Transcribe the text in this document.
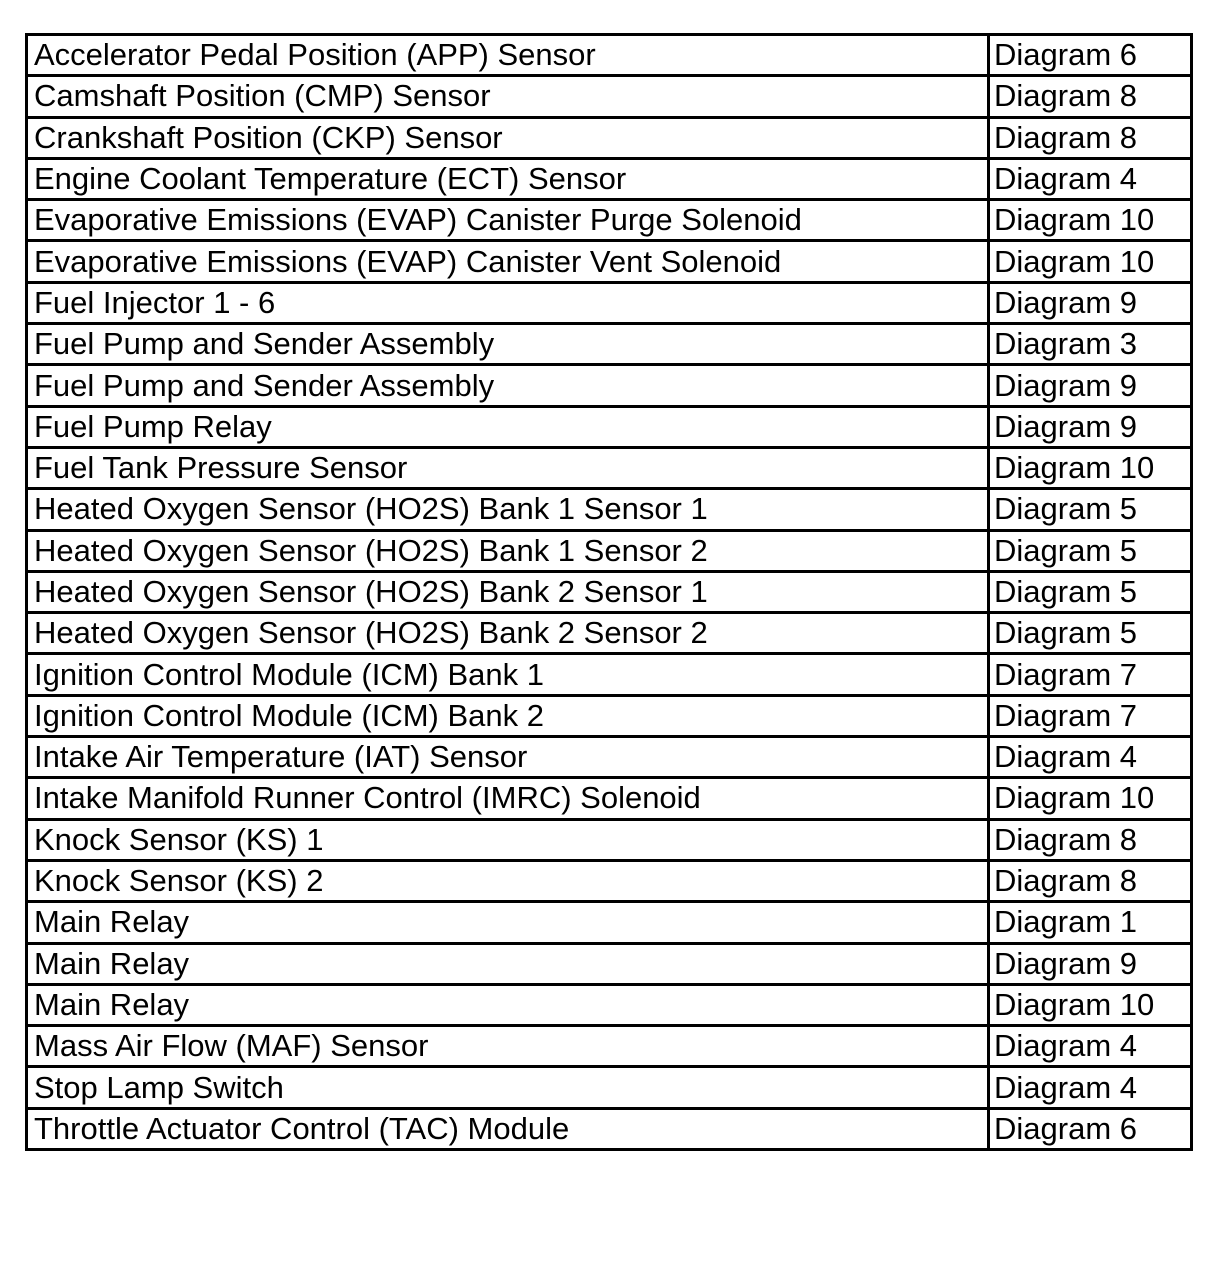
Accelerator Pedal Position (APP) Sensor	Diagram 6
Camshaft Position (CMP) Sensor	Diagram 8
Crankshaft Position (CKP) Sensor	Diagram 8
Engine Coolant Temperature (ECT) Sensor	Diagram 4
Evaporative Emissions (EVAP) Canister Purge Solenoid	Diagram 10
Evaporative Emissions (EVAP) Canister Vent Solenoid	Diagram 10
Fuel Injector 1 - 6	Diagram 9
Fuel Pump and Sender Assembly	Diagram 3
Fuel Pump and Sender Assembly	Diagram 9
Fuel Pump Relay	Diagram 9
Fuel Tank Pressure Sensor	Diagram 10
Heated Oxygen Sensor (HO2S) Bank 1 Sensor 1	Diagram 5
Heated Oxygen Sensor (HO2S) Bank 1 Sensor 2	Diagram 5
Heated Oxygen Sensor (HO2S) Bank 2 Sensor 1	Diagram 5
Heated Oxygen Sensor (HO2S) Bank 2 Sensor 2	Diagram 5
Ignition Control Module (ICM) Bank 1	Diagram 7
Ignition Control Module (ICM) Bank 2	Diagram 7
Intake Air Temperature (IAT) Sensor	Diagram 4
Intake Manifold Runner Control (IMRC) Solenoid	Diagram 10
Knock Sensor (KS) 1	Diagram 8
Knock Sensor (KS) 2	Diagram 8
Main Relay	Diagram 1
Main Relay	Diagram 9
Main Relay	Diagram 10
Mass Air Flow (MAF) Sensor	Diagram 4
Stop Lamp Switch	Diagram 4
Throttle Actuator Control (TAC) Module	Diagram 6
